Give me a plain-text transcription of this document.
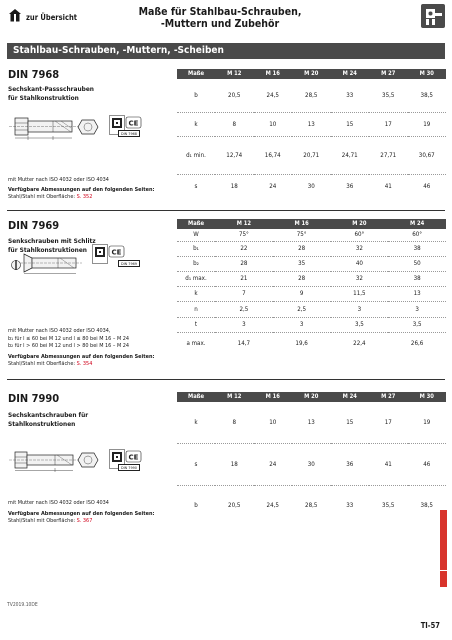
zur Übersicht	Maße für Stahlbau-Schrauben,
-Muttern und Zubehör
Stahlbau-Schrauben, -Muttern, -Scheiben
DIN 7968
Sechskant-Passschrauben
für Stahlkonstruktion
CE
DIN 7968
Maße	M 12	M 16	M 20	M 24	M 27	M 30
b	20,5	24,5	28,5	33	35,5	38,5
k	8	10	13	15	17	19
d₁ min.	12,74	16,74	20,71	24,71	27,71	30,67
s	18	24	30	36	41	46
mit Mutter nach ISO 4032 oder ISO 4034
Verfügbare Abmessungen auf den folgenden Seiten:
Stahl/Stahl mit Oberfläche: S. 352
DIN 7969
Senkschrauben mit Schlitz
für Stahlkonstruktionen	CE
DIN 7969
Maße	M 12	M 16	M 20	M 24
W	75°	75°	60°	60°
b₁	22	28	32	38
b₂	28	35	40	50
d₁ max.	21	28	32	38
k	7	9	11,5	13
n	2,5	2,5	3	3
t	3	3	3,5	3,5
a max.	14,7	19,6	22,4	26,6
mit Mutter nach ISO 4032 oder ISO 4034,
b₁ für l ≤ 60 bei M 12 und l ≤ 80 bei M 16 – M 24
b₂ für l > 60 bei M 12 und l > 80 bei M 16 – M 24
Verfügbare Abmessungen auf den folgenden Seiten:
Stahl/Stahl mit Oberfläche: S. 354
DIN 7990
Sechskantschrauben für
Stahlkonstruktionen
CE
DIN 7990
Maße	M 12	M 16	M 20	M 24	M 27	M 30
k	8	10	13	15	17	19
s	18	24	30	36	41	46
b	20,5	24,5	28,5	33	35,5	38,5
mit Mutter nach ISO 4032 oder ISO 4034
Verfügbare Abmessungen auf den folgenden Seiten:
Stahl/Stahl mit Oberfläche: S. 367
TV2019.10DE
TI-57
